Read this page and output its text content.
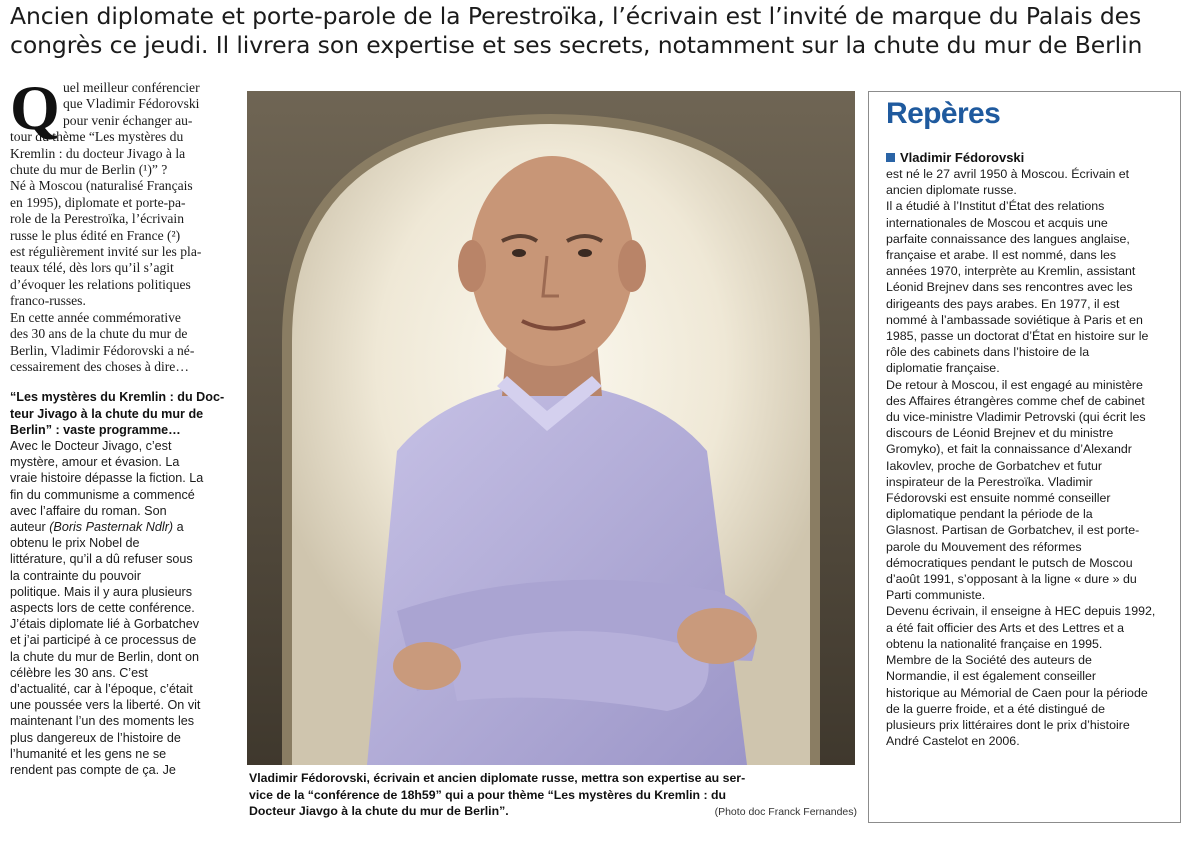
Ancien diplomate et porte-parole de la Perestroïka, l’écrivain est l’invité de marque du Palais des
congrès ce jeudi. Il livrera son expertise et ses secrets, notamment sur la chute du mur de Berlin
Q uel meilleur conférencier
que Vladimir Fédorovski
pour venir échanger au-
tour du thème “Les mystères du
Kremlin : du docteur Jivago à la
chute du mur de Berlin (¹)” ?
Né à Moscou (naturalisé Français
en 1995), diplomate et porte-pa-
role de la Perestroïka, l’écrivain
russe le plus édité en France (²)
est régulièrement invité sur les pla-
teaux télé, dès lors qu’il s’agit
d’évoquer les relations politiques
franco-russes.
En cette année commémorative
des 30 ans de la chute du mur de
Berlin, Vladimir Fédorovski a né-
cessairement des choses à dire…
“Les mystères du Kremlin : du Doc-
teur Jivago à la chute du mur de
Berlin” : vaste programme…
Avec le Docteur Jivago, c’est
mystère, amour et évasion. La
vraie histoire dépasse la fiction. La
fin du communisme a commencé
avec l’affaire du roman. Son
auteur (Boris Pasternak Ndlr) a
obtenu le prix Nobel de
littérature, qu’il a dû refuser sous
la contrainte du pouvoir
politique. Mais il y aura plusieurs
aspects lors de cette conférence.
J’étais diplomate lié à Gorbatchev
et j’ai participé à ce processus de
la chute du mur de Berlin, dont on
célèbre les 30 ans. C’est
d’actualité, car à l’époque, c’était
une poussée vers la liberté. On vit
maintenant l’un des moments les
plus dangereux de l’histoire de
l’humanité et les gens ne se
rendent pas compte de ça. Je
Vladimir Fédorovski, écrivain et ancien diplomate russe, mettra son expertise au ser-
vice de la “conférence de 18h59” qui a pour thème “Les mystères du Kremlin : du
Docteur Jiavgo à la chute du mur de Berlin”.	(Photo doc Franck Fernandes)
Repères
Vladimir Fédorovski
est né le 27 avril 1950 à Moscou. Écrivain et
ancien diplomate russe.
Il a étudié à l’Institut d’État des relations
internationales de Moscou et acquis une
parfaite connaissance des langues anglaise,
française et arabe. Il est nommé, dans les
années 1970, interprète au Kremlin, assistant
Léonid Brejnev dans ses rencontres avec les
dirigeants des pays arabes. En 1977, il est
nommé à l’ambassade soviétique à Paris et en
1985, passe un doctorat d’État en histoire sur le
rôle des cabinets dans l’histoire de la
diplomatie française.
De retour à Moscou, il est engagé au ministère
des Affaires étrangères comme chef de cabinet
du vice-ministre Vladimir Petrovski (qui écrit les
discours de Léonid Brejnev et du ministre
Gromyko), et fait la connaissance d’Alexandr
Iakovlev, proche de Gorbatchev et futur
inspirateur de la Perestroïka. Vladimir
Fédorovski est ensuite nommé conseiller
diplomatique pendant la période de la
Glasnost. Partisan de Gorbatchev, il est porte-
parole du Mouvement des réformes
démocratiques pendant le putsch de Moscou
d’août 1991, s’opposant à la ligne « dure » du
Parti communiste.
Devenu écrivain, il enseigne à HEC depuis 1992,
a été fait officier des Arts et des Lettres et a
obtenu la nationalité française en 1995.
Membre de la Société des auteurs de
Normandie, il est également conseiller
historique au Mémorial de Caen pour la période
de la guerre froide, et a été distingué de
plusieurs prix littéraires dont le prix d’histoire
André Castelot en 2006.
